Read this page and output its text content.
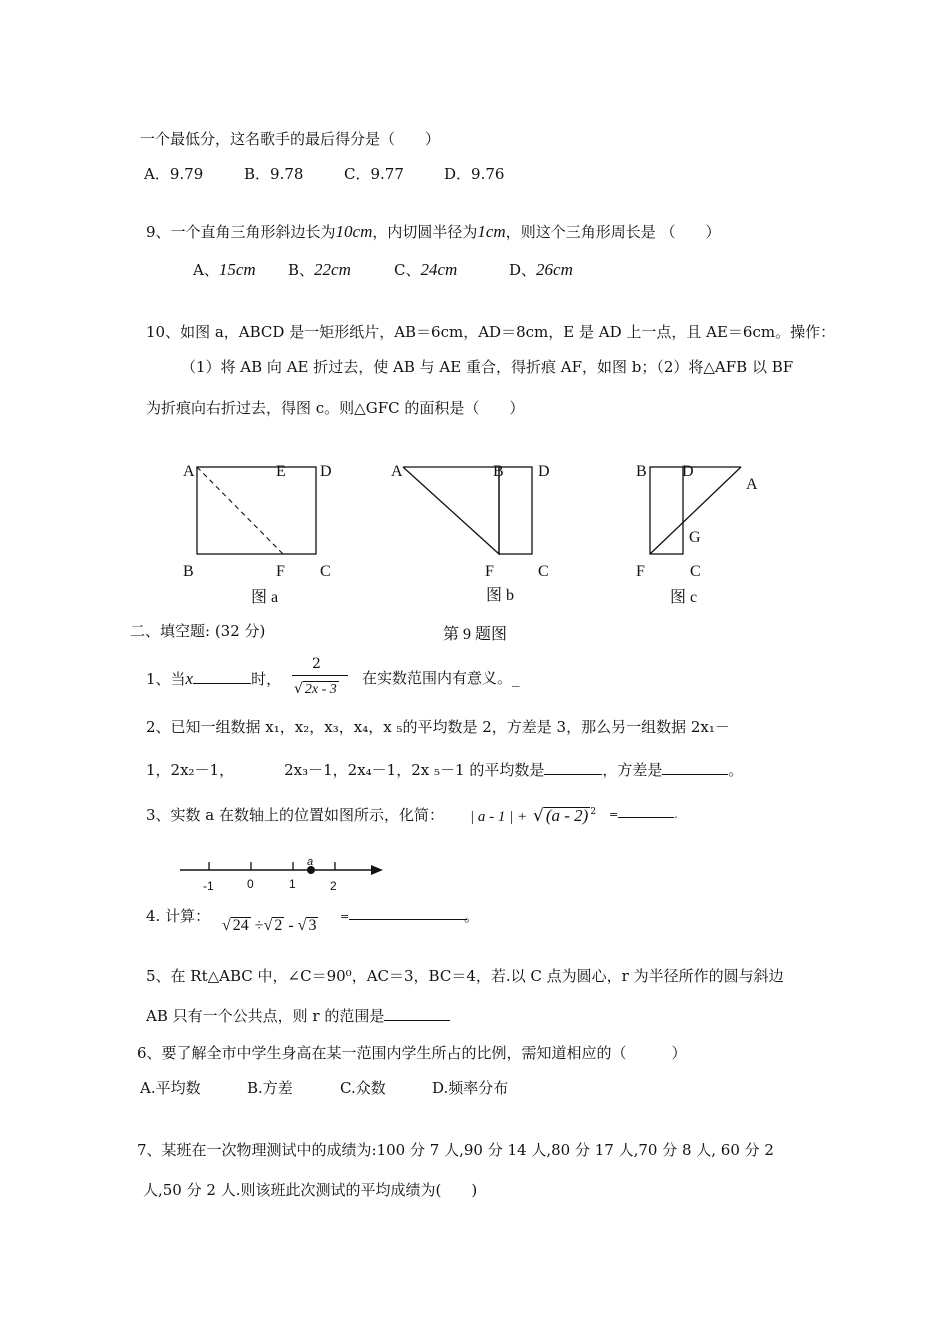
一个最低分，这名歌手的最后得分是（　　）
A．9.79	B．9.78	C．9.77	D．9.76
9、一个直角三角形斜边长为10cm，内切圆半径为1cm，则这个三角形周长是 （　　）
A、15cm B、22cm	C、24cm	D、26cm
10、如图 a，ABCD 是一矩形纸片，AB＝6cm，AD＝8cm，E 是 AD 上一点，且 AE＝6cm。操作：
（1）将 AB 向 AE 折过去，使 AB 与 AE 重合，得折痕 AF，如图 b；（2）将△AFB 以 BF
为折痕向右折过去，得图 c。则△GFC 的面积是（　　）
A	E D
B	F C
图 a
A	B D
F	C
图 b
B D
A
G
F	C
图 c
二、填空题: (32 分)	第 9 题图
1、当x	时，
2
√ 2x - 3
在实数范围内有意义。_
2、已知一组数据 x₁，x₂，x₃，x₄，x ₅的平均数是 2，方差是 3，那么另一组数据 2x₁－
1，2x₂－1，	2x₃－1，2x₄－1，2x ₅－1 的平均数是	，方差是	。
3、实数 a 在数轴上的位置如图所示，化简： | a - 1 | + √ (a - 2) $^2$ =	.
-1	0	1
a
2
4. 计算：
√ 24 ÷√ 2 - √ 3
=	。
5、在 Rt△ABC 中，∠C＝90⁰，AC＝3，BC＝4，若.以 C 点为圆心，r 为半径所作的圆与斜边
AB 只有一个公共点，则 r 的范围是
6、要了解全市中学生身高在某一范围内学生所占的比例，需知道相应的（　　　）
A.平均数	B.方差	C.众数	D.频率分布
7、某班在一次物理测试中的成绩为:100 分 7 人,90 分 14 人,80 分 17 人,70 分 8 人, 60 分 2
人,50 分 2 人.则该班此次测试的平均成绩为(　　)
